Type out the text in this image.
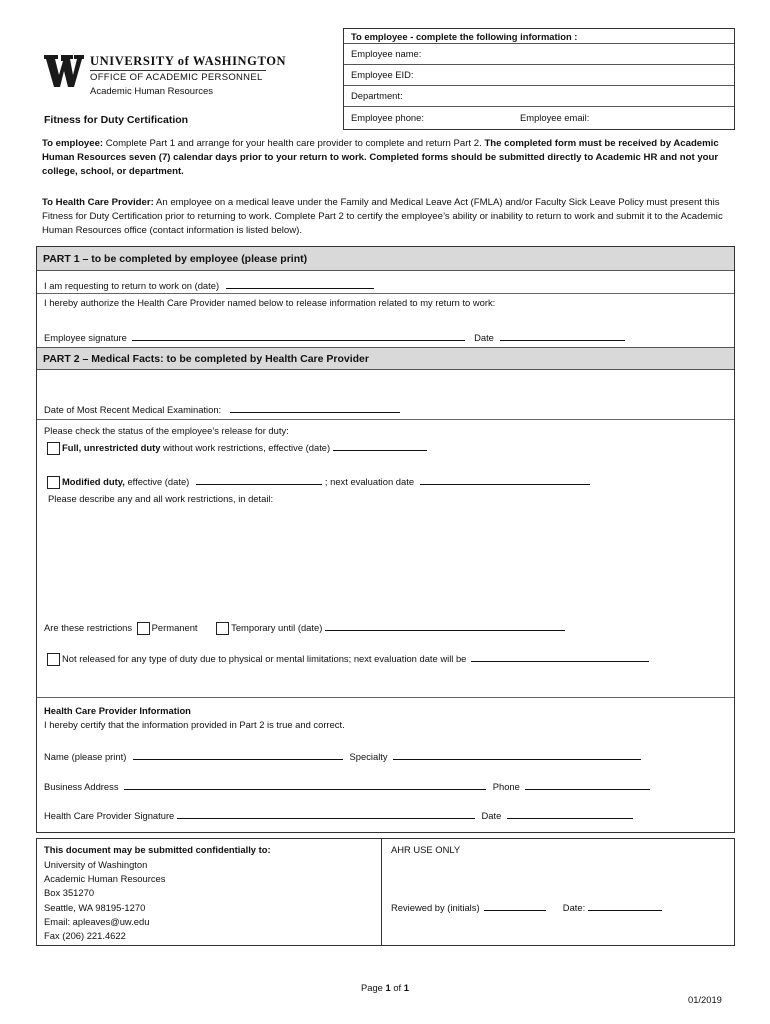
UNIVERSITY of WASHINGTON
OFFICE OF ACADEMIC PERSONNEL
Academic Human Resources
Fitness for Duty Certification
To employee - complete the following information :
Employee name:
Employee EID:
Department:
Employee phone:	Employee email:
To employee: Complete Part 1 and arrange for your health care provider to complete and return Part 2. The completed form must be received by Academic Human Resources seven (7) calendar days prior to your return to work. Completed forms should be submitted directly to Academic HR and not your college, school, or department.
To Health Care Provider: An employee on a medical leave under the Family and Medical Leave Act (FMLA) and/or Faculty Sick Leave Policy must present this Fitness for Duty Certification prior to returning to work. Complete Part 2 to certify the employee’s ability or inability to return to work and submit it to the Academic Human Resources office (contact information is listed below).
PART 1 – to be completed by employee (please print)
I am requesting to return to work on (date)
I hereby authorize the Health Care Provider named below to release information related to my return to work:
Employee signature	Date
PART 2 – Medical Facts: to be completed by Health Care Provider
Date of Most Recent Medical Examination:
Please check the status of the employee’s release for duty:
Full, unrestricted duty without work restrictions, effective (date)
Modified duty, effective (date)	; next evaluation date
Please describe any and all work restrictions, in detail:
Are these restrictions Permanent	Temporary until (date)
Not released for any type of duty due to physical or mental limitations; next evaluation date will be
Health Care Provider Information
I hereby certify that the information provided in Part 2 is true and correct.
Name (please print)	Specialty
Business Address	Phone
Health Care Provider Signature	Date
This document may be submitted confidentially to:
University of Washington
Academic Human Resources
Box 351270
Seattle, WA 98195-1270
Email: apleaves@uw.edu
Fax (206) 221.4622
AHR USE ONLY
Reviewed by (initials)	Date:
Page 1 of 1
01/2019
